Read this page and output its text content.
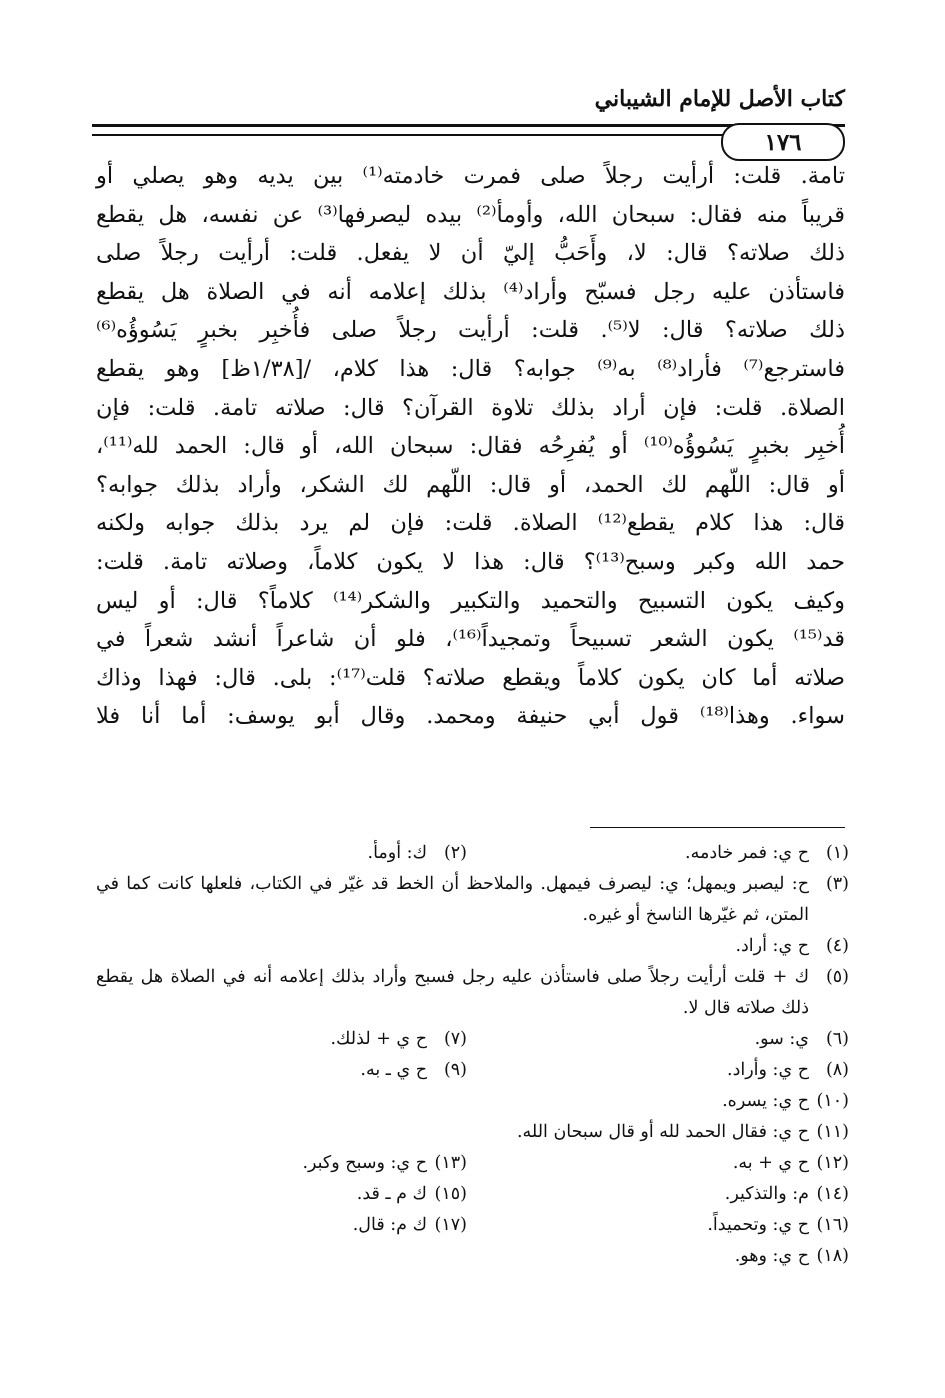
كتاب الأصل للإمام الشيباني
١٧٦
تامة. قلت: أرأيت رجلاً صلى فمرت خادمته⁽¹⁾ بين يديه وهو يصلي أو
قريباً منه فقال: سبحان الله، وأومأ⁽²⁾ بيده ليصرفها⁽³⁾ عن نفسه، هل يقطع
ذلك صلاته؟ قال: لا، وأَحَبُّ إليّ أن لا يفعل. قلت: أرأيت رجلاً صلى
فاستأذن عليه رجل فسبّح وأراد⁽⁴⁾ بذلك إعلامه أنه في الصلاة هل يقطع
ذلك صلاته؟ قال: لا⁽⁵⁾. قلت: أرأيت رجلاً صلى فأُخبِر بخبرٍ يَسُوؤُه⁽⁶⁾
فاسترجع⁽⁷⁾ فأراد⁽⁸⁾ به⁽⁹⁾ جوابه؟ قال: هذا كلام، /[١/٣٨ظ] وهو يقطع
الصلاة. قلت: فإن أراد بذلك تلاوة القرآن؟ قال: صلاته تامة. قلت: فإن
أُخبِر بخبرٍ يَسُوؤُه⁽¹⁰⁾ أو يُفرِحُه فقال: سبحان الله، أو قال: الحمد لله⁽¹¹⁾،
أو قال: اللّهم لك الحمد، أو قال: اللّهم لك الشكر، وأراد بذلك جوابه؟
قال: هذا كلام يقطع⁽¹²⁾ الصلاة. قلت: فإن لم يرد بذلك جوابه ولكنه
حمد الله وكبر وسبح⁽¹³⁾؟ قال: هذا لا يكون كلاماً، وصلاته تامة. قلت:
وكيف يكون التسبيح والتحميد والتكبير والشكر⁽¹⁴⁾ كلاماً؟ قال: أو ليس
قد⁽¹⁵⁾ يكون الشعر تسبيحاً وتمجيداً⁽¹⁶⁾، فلو أن شاعراً أنشد شعراً في
صلاته أما كان يكون كلاماً ويقطع صلاته؟ قلت⁽¹⁷⁾: بلى. قال: فهذا وذاك
سواء. وهذا⁽¹⁸⁾ قول أبي حنيفة ومحمد. وقال أبو يوسف: أما أنا فلا
(١)
ح ي: فمر خادمه.
(٢)
ك: أومأ.
(٣)
ح: ليصبر ويمهل؛ ي: ليصرف فيمهل. والملاحظ أن الخط قد غيّر في الكتاب، فلعلها كانت كما في المتن، ثم غيّرها الناسخ أو غيره.
(٤)
ح ي: أراد.
(٥)
ك + قلت أرأيت رجلاً صلى فاستأذن عليه رجل فسبح وأراد بذلك إعلامه أنه في الصلاة هل يقطع ذلك صلاته قال لا.
(٦)
ي: سو.
(٧)
ح ي + لذلك.
(٨)
ح ي: وأراد.
(٩)
ح ي ـ به.
(١٠)
ح ي: يسره.
(١١)
ح ي: فقال الحمد لله أو قال سبحان الله.
(١٢)
ح ي + به.
(١٣)
ح ي: وسبح وكبر.
(١٤)
م: والتذكير.
(١٥)
ك م ـ قد.
(١٦)
ح ي: وتحميداً.
(١٧)
ك م: قال.
(١٨)
ح ي: وهو.
